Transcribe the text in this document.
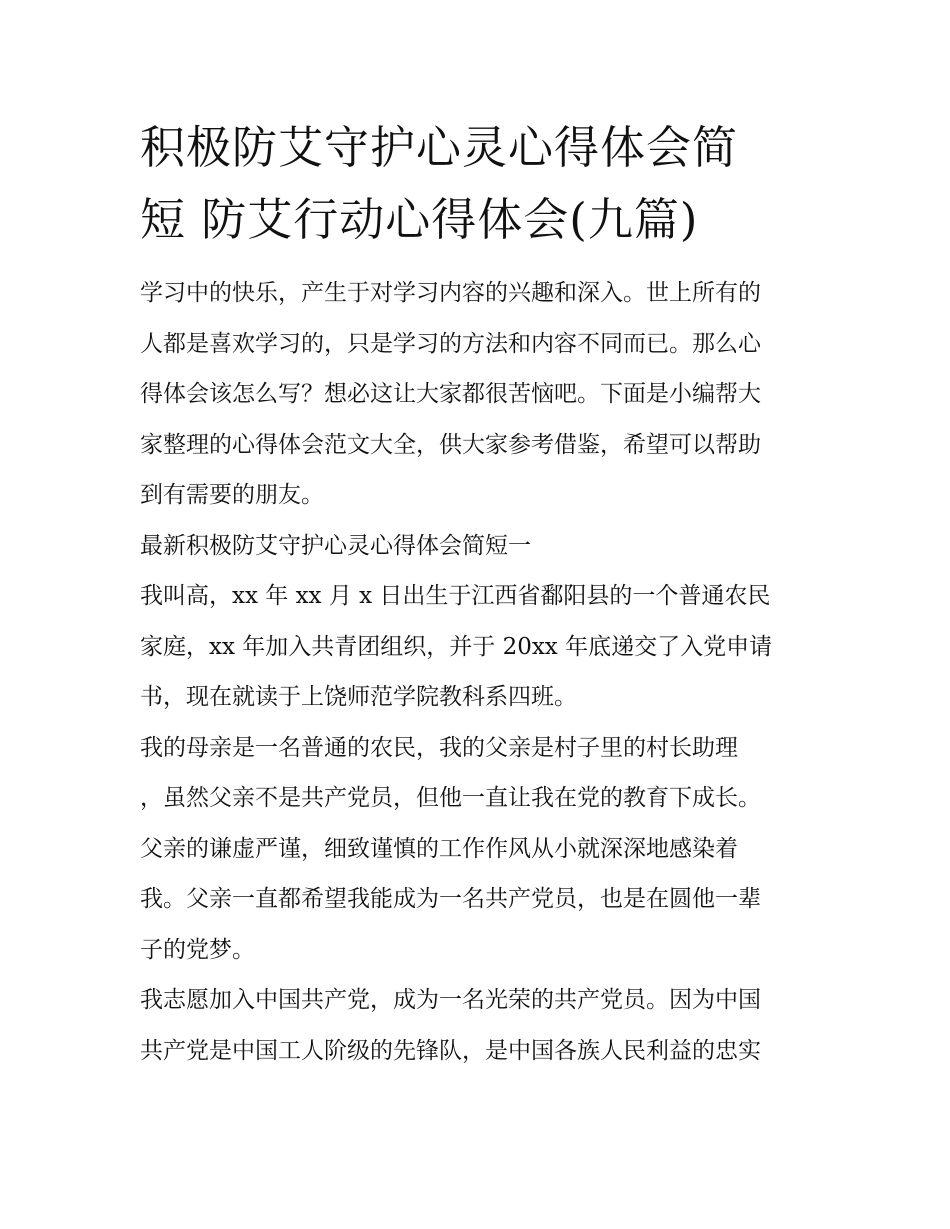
积极防艾守护心灵心得体会简
短 防艾行动心得体会(九篇)
学习中的快乐，产生于对学习内容的兴趣和深入。世上所有的
人都是喜欢学习的，只是学习的方法和内容不同而已。那么心
得体会该怎么写？想必这让大家都很苦恼吧。下面是小编帮大
家整理的心得体会范文大全，供大家参考借鉴，希望可以帮助
到有需要的朋友。
最新积极防艾守护心灵心得体会简短一
我叫高，xx 年 xx 月 x 日出生于江西省鄱阳县的一个普通农民
家庭，xx 年加入共青团组织，并于 20xx 年底递交了入党申请
书，现在就读于上饶师范学院教科系四班。
我的母亲是一名普通的农民，我的父亲是村子里的村长助理
，虽然父亲不是共产党员，但他一直让我在党的教育下成长。
父亲的谦虚严谨，细致谨慎的工作作风从小就深深地感染着
我。父亲一直都希望我能成为一名共产党员，也是在圆他一辈
子的党梦。
我志愿加入中国共产党，成为一名光荣的共产党员。因为中国
共产党是中国工人阶级的先锋队，是中国各族人民利益的忠实
